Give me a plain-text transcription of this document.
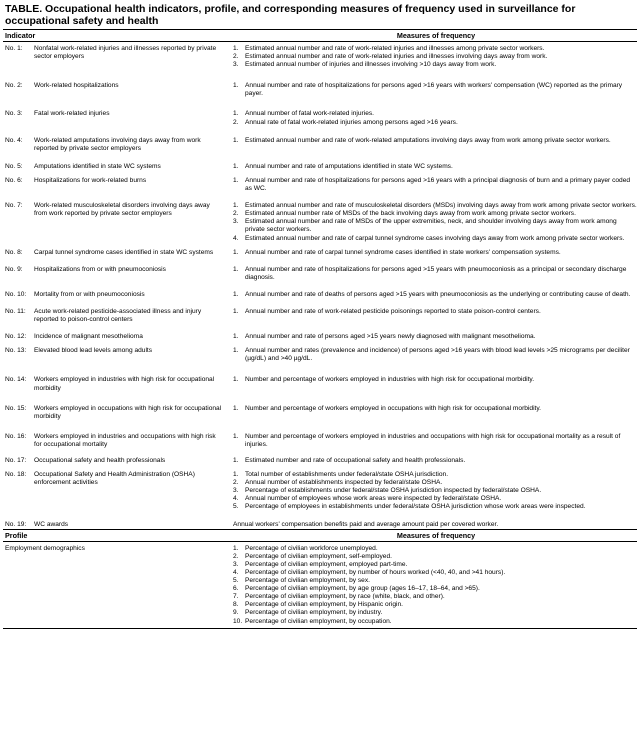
TABLE. Occupational health indicators, profile, and corresponding measures of frequency used in surveillance for occupational safety and health
Indicator	Measures of frequency
No. 1:	Nonfatal work-related injuries and illnesses reported by private sector employers
1. Estimated annual number and rate of work-related injuries and illnesses among private sector workers.
2. Estimated annual number and rate of work-related injuries and illnesses involving days away from work.
3. Estimated annual number of injuries and illnesses involving >10 days away from work.
No. 2:	Work-related hospitalizations	1. Annual number and rate of hospitalizations for persons aged >16 years with workers' compensation (WC) reported as the primary payer.
No. 3:	Fatal work-related injuries	1. Annual number of fatal work-related injuries.
2. Annual rate of fatal work-related injuries among persons aged >16 years.
No. 4:	Work-related amputations involving days away from work reported by private sector employers
1. Estimated annual number and rate of work-related amputations involving days away from work among private sector workers.
No. 5:	Amputations identified in state WC systems	1. Annual number and rate of amputations identified in state WC systems.
No. 6:	Hospitalizations for work-related burns	1. Annual number and rate of hospitalizations for persons aged >16 years with a principal diagnosis of burn and a primary payer coded as WC.
No. 7:	Work-related musculoskeletal disorders involving days away from work reported by private sector employers
1. Estimated annual number and rate of musculoskeletal disorders (MSDs) involving days away from work among private sector workers.
2. Estimated annual number rate of MSDs of the back involving days away from work among private sector workers.
3. Estimated annual number and rate of MSDs of the upper extremities, neck, and shoulder involving days away from work among private sector workers.
4. Estimated annual number and rate of carpal tunnel syndrome cases involving days away from work among private sector workers.
No. 8:	Carpal tunnel syndrome cases identified in state WC systems	1. Annual number and rate of carpal tunnel syndrome cases identified in state workers' compensation systems.
No. 9:	Hospitalizations from or with pneumoconiosis	1. Annual number and rate of hospitalizations for persons aged >15 years with pneumoconiosis as a principal or secondary discharge diagnosis.
No. 10:	Mortality from or with pneumoconiosis	1. Annual number and rate of deaths of persons aged >15 years with pneumoconiosis as the underlying or contributing cause of death.
No. 11:	Acute work-related pesticide-associated illness and injury reported to poison-control centers
1. Annual number and rate of work-related pesticide poisonings reported to state poison-control centers.
No. 12:	Incidence of malignant mesothelioma	1. Annual number and rate of persons aged >15 years newly diagnosed with malignant mesothelioma.
No. 13:	Elevated blood lead levels among adults	1. Annual number and rates (prevalence and incidence) of persons aged >16 years with blood lead levels >25 micrograms per deciliter (µg/dL) and >40 µg/dL.
No. 14:	Workers employed in industries with high risk for occupational morbidity
1. Number and percentage of workers employed in industries with high risk for occupational morbidity.
No. 15:	Workers employed in occupations with high risk for occupational morbidity
1. Number and percentage of workers employed in occupations with high risk for occupational morbidity.
No. 16:	Workers employed in industries and occupations with high risk for occupational mortality
1. Number and percentage of workers employed in industries and occupations with high risk for occupational mortality as a result of injuries.
No. 17:	Occupational safety and health professionals	1. Estimated number and rate of occupational safety and health professionals.
No. 18:	Occupational Safety and Health Administration (OSHA) enforcement activities
1. Total number of establishments under federal/state OSHA jurisdiction.
2. Annual number of establishments inspected by federal/state OSHA.
3. Percentage of establishments under federal/state OSHA jurisdiction inspected by federal/state OSHA.
4. Annual number of employees whose work areas were inspected by federal/state OSHA.
5. Percentage of employees in establishments under federal/state OSHA jurisdiction whose work areas were inspected.
No. 19:	WC awards	Annual workers' compensation benefits paid and average amount paid per covered worker.
Profile	Measures of frequency
Employment demographics	1. Percentage of civilian workforce unemployed.
2. Percentage of civilian employment, self-employed.
3. Percentage of civilian employment, employed part-time.
4. Percentage of civilian employment, by number of hours worked (<40, 40, and >41 hours).
5. Percentage of civilian employment, by sex.
6. Percentage of civilian employment, by age group (ages 16–17, 18–64, and >65).
7. Percentage of civilian employment, by race (white, black, and other).
8. Percentage of civilian employment, by Hispanic origin.
9. Percentage of civilian employment, by industry.
10. Percentage of civilian employment, by occupation.
